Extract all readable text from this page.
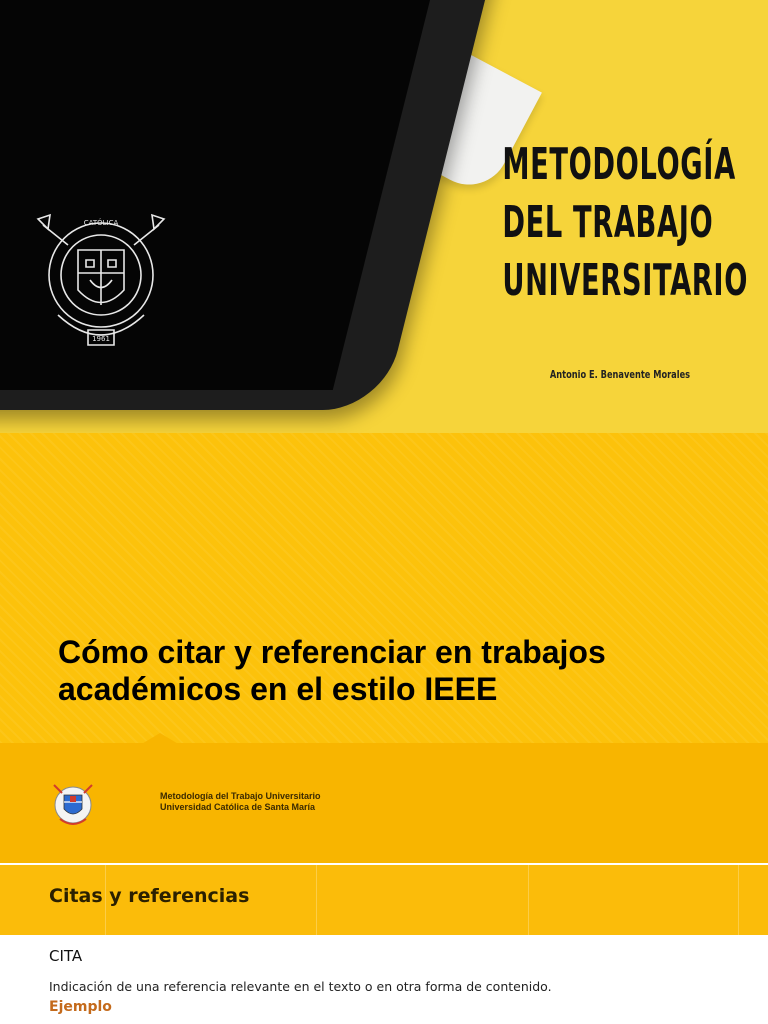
CATÓLICA
1961
METODOLOGÍA
DEL TRABAJO
UNIVERSITARIO
Antonio E. Benavente Morales
Cómo citar y referenciar en trabajos académicos en el estilo IEEE
Metodología del Trabajo Universitario
Universidad Católica de Santa María
Citas y referencias
CITA
Indicación de una referencia relevante en el texto o en otra forma de contenido.
Ejemplo
